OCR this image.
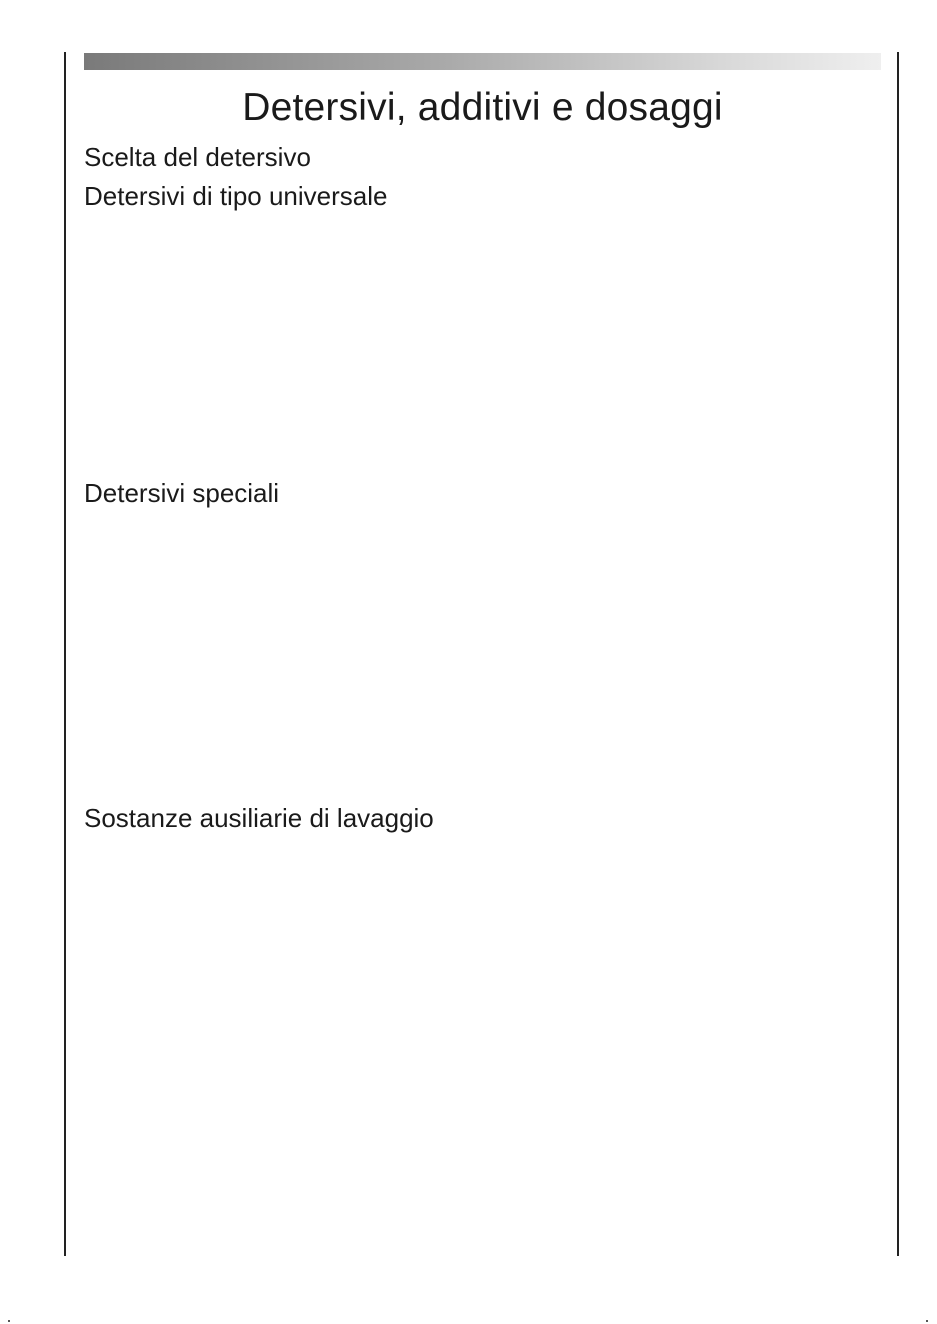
Detersivi, additivi e dosaggi
Scelta del detersivo
Detersivi di tipo universale
Detersivi speciali
Sostanze ausiliarie di lavaggio
